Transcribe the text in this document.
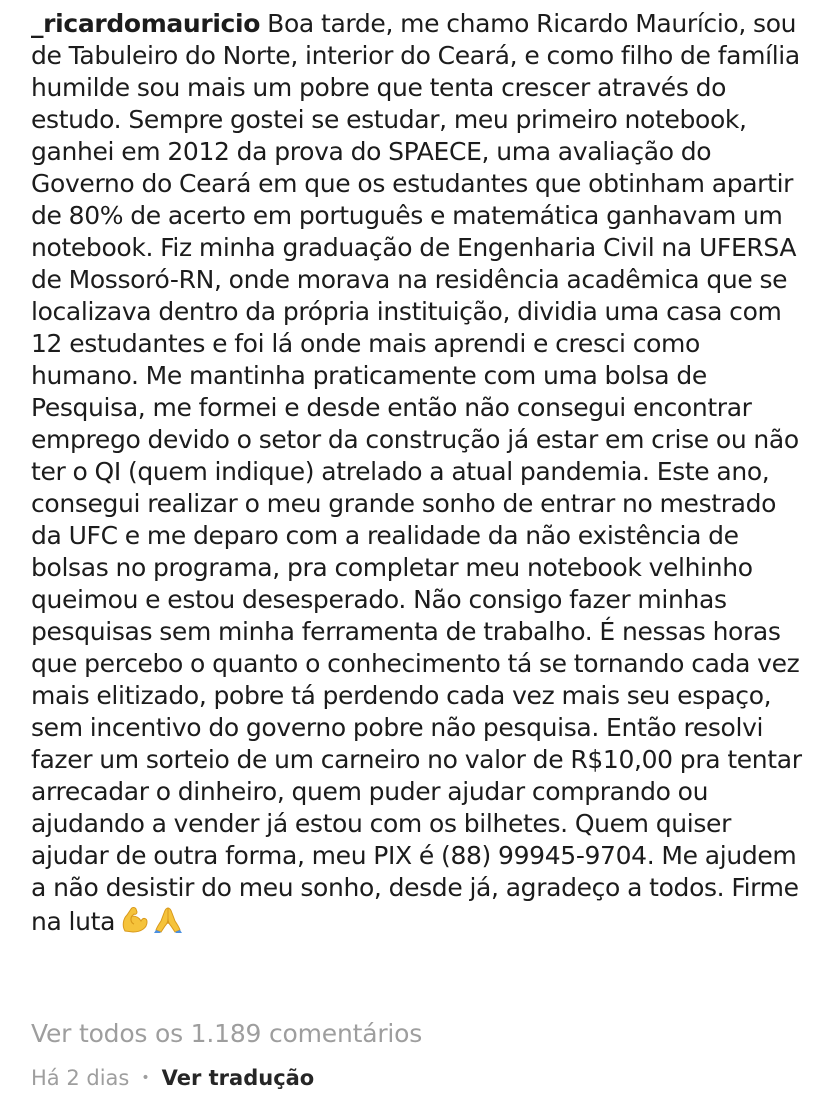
_ricardomauricio Boa tarde, me chamo Ricardo Maurício, sou de Tabuleiro do Norte, interior do Ceará, e como filho de família humilde sou mais um pobre que tenta crescer através do estudo. Sempre gostei se estudar, meu primeiro notebook, ganhei em 2012 da prova do SPAECE, uma avaliação do Governo do Ceará em que os estudantes que obtinham apartir de 80% de acerto em português e matemática ganhavam um notebook. Fiz minha graduação de Engenharia Civil na UFERSA de Mossoró-RN, onde morava na residência acadêmica que se localizava dentro da própria instituição, dividia uma casa com 12 estudantes e foi lá onde mais aprendi e cresci como humano. Me mantinha praticamente com uma bolsa de Pesquisa, me formei e desde então não consegui encontrar emprego devido o setor da construção já estar em crise ou não ter o QI (quem indique) atrelado a atual pandemia. Este ano, consegui realizar o meu grande sonho de entrar no mestrado da UFC e me deparo com a realidade da não existência de bolsas no programa, pra completar meu notebook velhinho queimou e estou desesperado. Não consigo fazer minhas pesquisas sem minha ferramenta de trabalho. É nessas horas que percebo o quanto o conhecimento tá se tornando cada vez mais elitizado, pobre tá perdendo cada vez mais seu espaço, sem incentivo do governo pobre não pesquisa. Então resolvi fazer um sorteio de um carneiro no valor de R$10,00 pra tentar arrecadar o dinheiro, quem puder ajudar comprando ou ajudando a vender já estou com os bilhetes. Quem quiser ajudar de outra forma, meu PIX é (88) 99945-9704. Me ajudem a não desistir do meu sonho, desde já, agradeço a todos. Firme na luta

Ver todos os 1.189 comentários
Há 2 dias • Ver tradução
